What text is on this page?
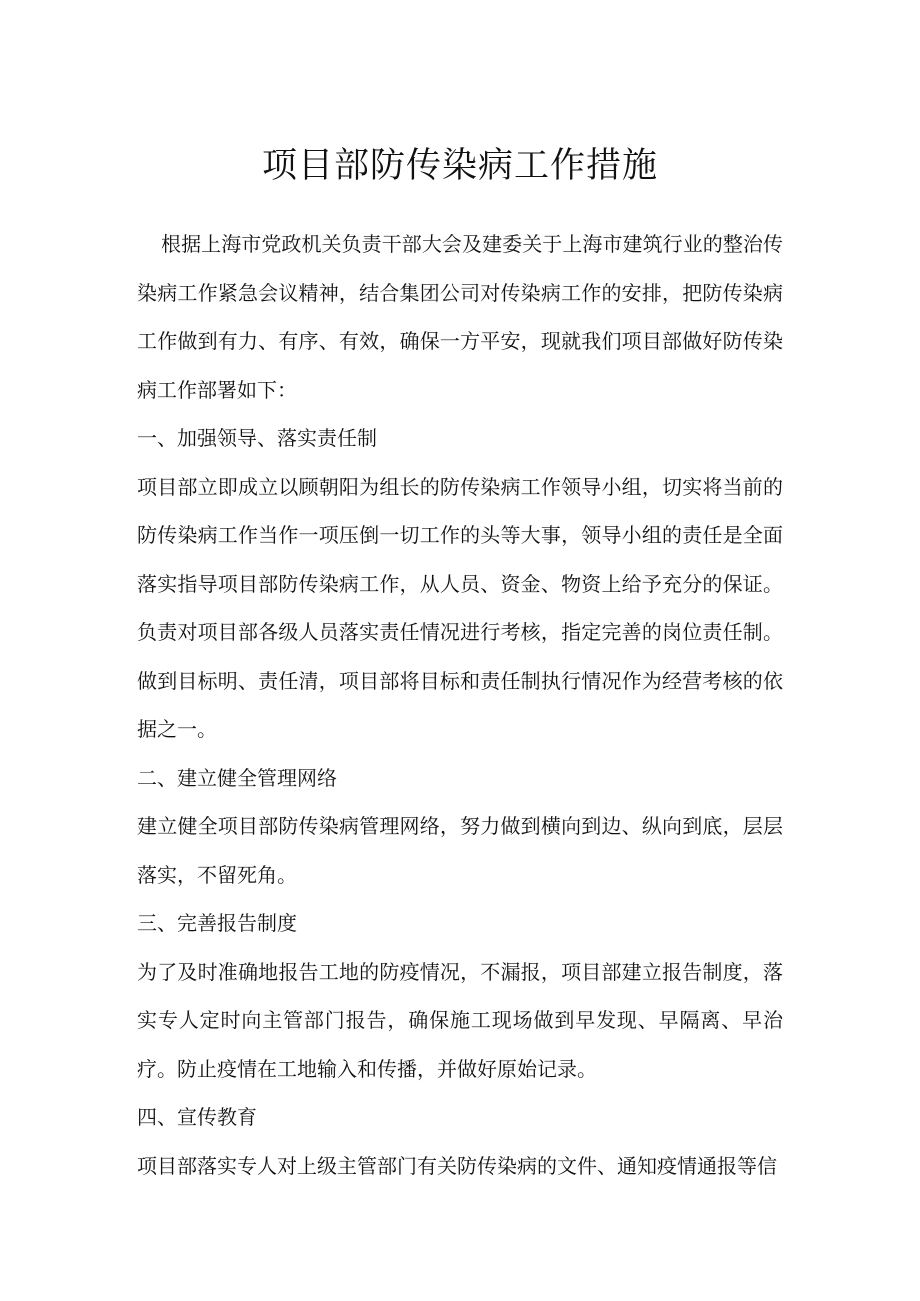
项目部防传染病工作措施

根据上海市党政机关负责干部大会及建委关于上海市建筑行业的整治传染病工作紧急会议精神，结合集团公司对传染病工作的安排，把防传染病工作做到有力、有序、有效，确保一方平安，现就我们项目部做好防传染病工作部署如下：

一、加强领导、落实责任制

项目部立即成立以顾朝阳为组长的防传染病工作领导小组，切实将当前的防传染病工作当作一项压倒一切工作的头等大事，领导小组的责任是全面落实指导项目部防传染病工作，从人员、资金、物资上给予充分的保证。负责对项目部各级人员落实责任情况进行考核，指定完善的岗位责任制。做到目标明、责任清，项目部将目标和责任制执行情况作为经营考核的依据之一。

二、建立健全管理网络

建立健全项目部防传染病管理网络，努力做到横向到边、纵向到底，层层落实，不留死角。

三、完善报告制度

为了及时准确地报告工地的防疫情况，不漏报，项目部建立报告制度，落实专人定时向主管部门报告，确保施工现场做到早发现、早隔离、早治疗。防止疫情在工地输入和传播，并做好原始记录。

四、宣传教育

项目部落实专人对上级主管部门有关防传染病的文件、通知疫情通报等信
